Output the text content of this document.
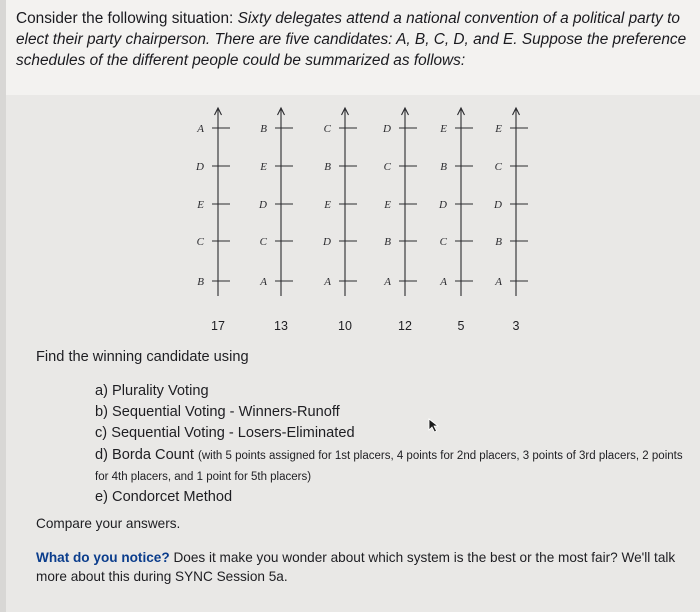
Consider the following situation: Sixty delegates attend a national convention of a political party to elect their party chairperson. There are five candidates: A, B, C, D, and E. Suppose the preference schedules of the different people could be summarized as follows:
A
D
E
C
B
17
B
E
D
C
A
13
C
B
E
D
A
10
D
C
E
B
A
12
E
B
D
C
A
5
E
C
D
B
A
3
Find the winning candidate using
a) Plurality Voting
b) Sequential Voting - Winners-Runoff
c) Sequential Voting - Losers-Eliminated
d) Borda Count (with 5 points assigned for 1st placers, 4 points for 2nd placers, 3 points of 3rd placers, 2 points for 4th placers, and 1 point for 5th placers)
e) Condorcet Method
Compare your answers.
What do you notice? Does it make you wonder about which system is the best or the most fair? We'll talk more about this during SYNC Session 5a.
